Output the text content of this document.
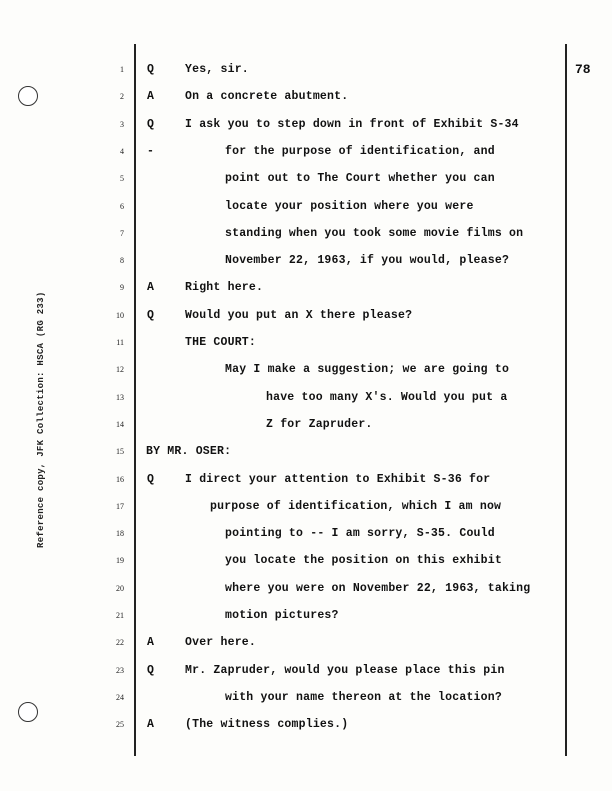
78
Reference copy, JFK Collection: HSCA (RG 233)
1 Q	Yes, sir.
2 A	On a concrete abutment.
3 Q	I ask you to step down in front of Exhibit S-34
4 -	for the purpose of identification, and
5	point out to The Court whether you can
6	locate your position where you were
7	standing when you took some movie films on
8	November 22, 1963, if you would, please?
9 A	Right here.
10 Q	Would you put an X there please?
11	THE COURT:
12	May I make a suggestion; we are going to
13	have too many X's. Would you put a
14	Z for Zapruder.
15 BY MR. OSER:
16 Q	I direct your attention to Exhibit S-36 for
17	purpose of identification, which I am now
18	pointing to -- I am sorry, S-35. Could
19	you locate the position on this exhibit
20	where you were on November 22, 1963, taking
21	motion pictures?
22 A	Over here.
23 Q	Mr. Zapruder, would you please place this pin
24	with your name thereon at the location?
25 A	(The witness complies.)
